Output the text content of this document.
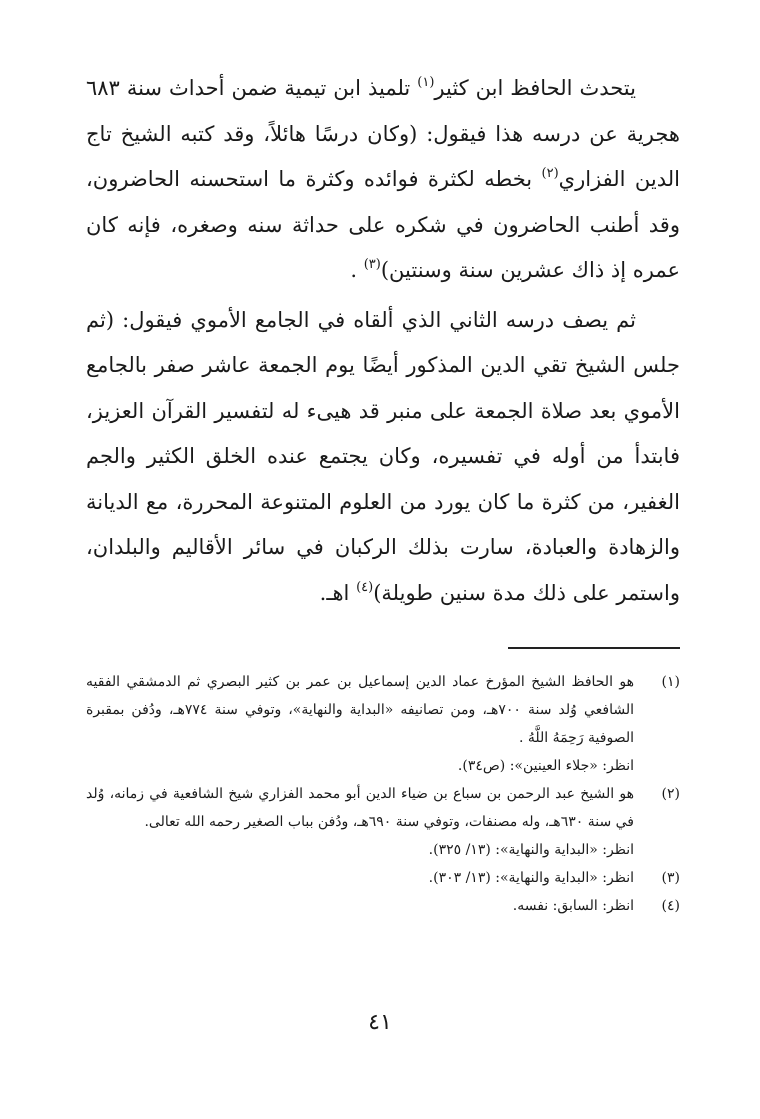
يتحدث الحافظ ابن كثير$^{(١)}$ تلميذ ابن تيمية ضمن أحداث سنة ٦٨٣ هجرية عن درسه هذا فيقول: (وكان درسًا هائلاً، وقد كتبه الشيخ تاج الدين الفزاري$^{(٢)}$ بخطه لكثرة فوائده وكثرة ما استحسنه الحاضرون، وقد أطنب الحاضرون في شكره على حداثة سنه وصغره، فإنه كان عمره إذ ذاك عشرين سنة وسنتين)$^{(٣)}$ .

ثم يصف درسه الثاني الذي ألقاه في الجامع الأموي فيقول: (ثم جلس الشيخ تقي الدين المذكور أيضًا يوم الجمعة عاشر صفر بالجامع الأموي بعد صلاة الجمعة على منبر قد هيىء له لتفسير القرآن العزيز، فابتدأ من أوله في تفسيره، وكان يجتمع عنده الخلق الكثير والجم الغفير، من كثرة ما كان يورد من العلوم المتنوعة المحررة، مع الديانة والزهادة والعبادة، سارت بذلك الركبان في سائر الأقاليم والبلدان، واستمر على ذلك مدة سنين طويلة)$^{(٤)}$ اهـ.

(١)
هو الحافظ الشيخ المؤرخ عماد الدين إسماعيل بن عمر بن كثير البصري ثم الدمشقي الفقيه الشافعي وُلد سنة ٧٠٠هـ، ومن تصانيفه «البداية والنهاية»، وتوفي سنة ٧٧٤هـ، ودُفن بمقبرة الصوفية رَحِمَهُ اللَّهُ .
انظر: «جلاء العينين»: (ص٣٤).
(٢)
هو الشيخ عبد الرحمن بن سباع بن ضياء الدين أبو محمد الفزاري شيخ الشافعية في زمانه، وُلد في سنة ٦٣٠هـ، وله مصنفات، وتوفي سنة ٦٩٠هـ، ودُفن بباب الصغير رحمه الله تعالى.
انظر: «البداية والنهاية»: (١٣/ ٣٢٥).
(٣)
انظر: «البداية والنهاية»: (١٣/ ٣٠٣).
(٤)
انظر: السابق: نفسه.
٤١
